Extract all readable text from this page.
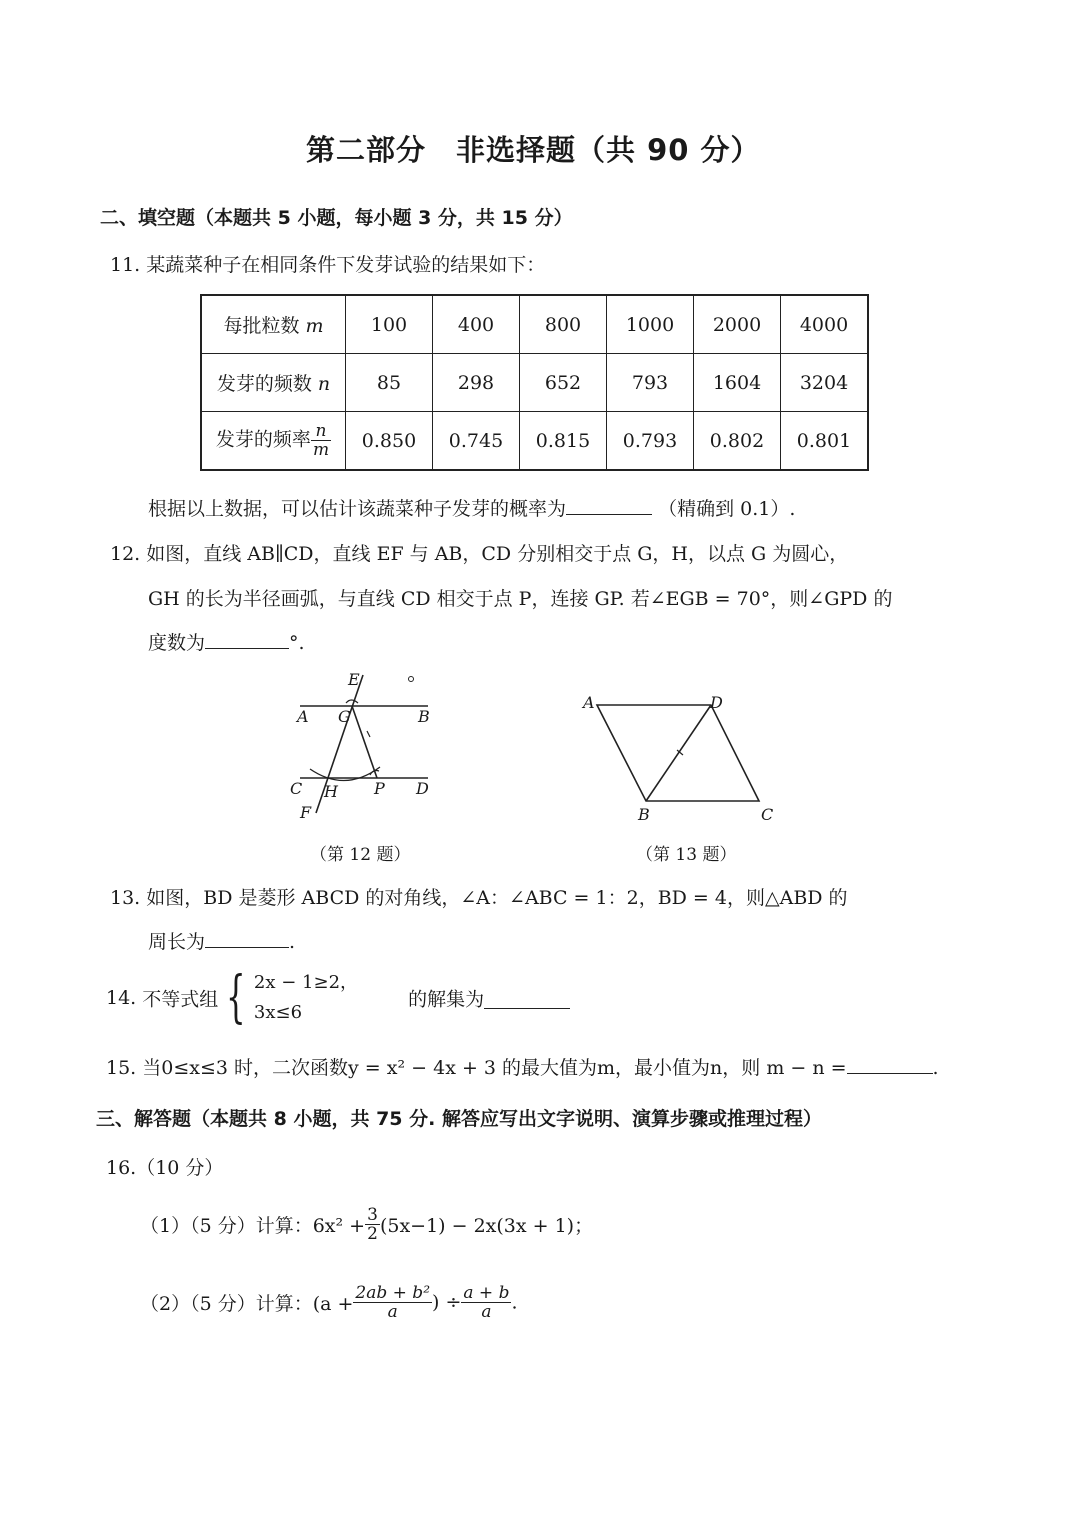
第二部分　非选择题（共 90 分）
二、填空题（本题共 5 小题，每小题 3 分，共 15 分）
11. 某蔬菜种子在相同条件下发芽试验的结果如下：
每批粒数 m	100	400	800	1000	2000	4000
发芽的频数 n	85	298	652	793	1604	3204
发芽的频率 $\frac{n}{m}$	0.850	0.745	0.815	0.793	0.802	0.801
根据以上数据，可以估计该蔬菜种子发芽的概率为	（精确到 0.1）.
12. 如图，直线 AB∥CD，直线 EF 与 AB，CD 分别相交于点 G，H，以点 G 为圆心，
GH 的长为半径画弧，与直线 CD 相交于点 P，连接 GP. 若∠EGB = 70°，则∠GPD 的
度数为	°.
E
A G	B
C H P D
F
（第 12 题）
A	D
B	C
（第 13 题）
13. 如图，BD 是菱形 ABCD 的对角线，∠A：∠ABC = 1：2，BD = 4，则△ABD 的
周长为	.
14. 不等式组 { 2x − 1≥2，
3x≤6
的解集为
15. 当0≤x≤3 时，二次函数y = x² − 4x + 3 的最大值为m，最小值为n，则 m − n =	.
三、解答题（本题共 8 小题，共 75 分. 解答应写出文字说明、演算步骤或推理过程）
16.（10 分）
（1）（5 分）计算：$6x^2 + \frac{3}{2} (5x-1) - 2x(3x + 1)$；
（2）（5 分）计算：($a + \frac{\text{2ab + b²}}{a}$ ) ÷ $\frac{a + b}{a}$ .
